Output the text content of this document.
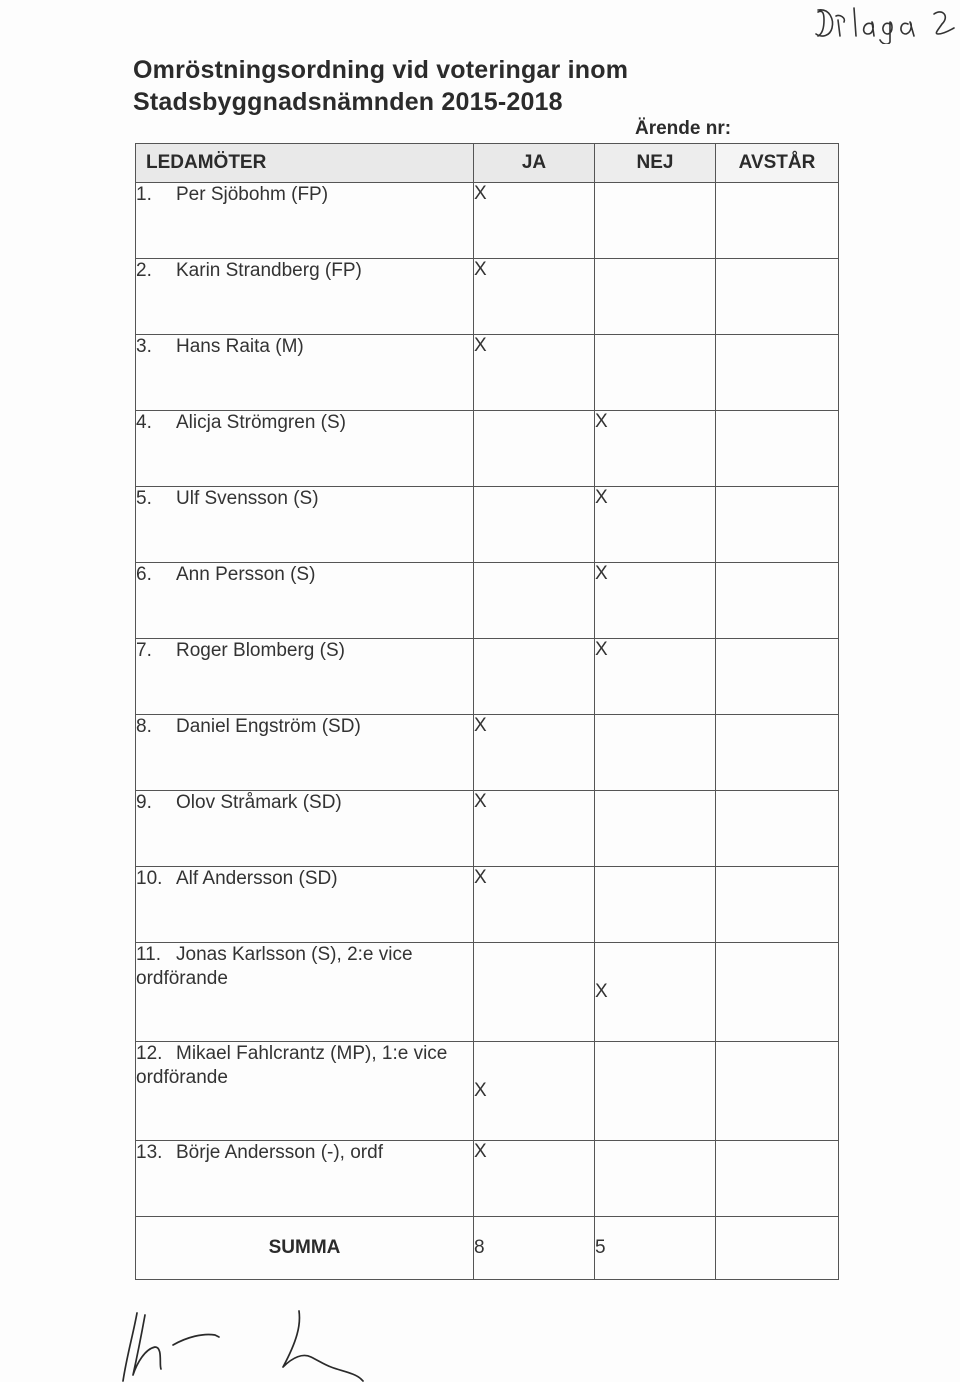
Omröstningsordning vid voteringar inom
Stadsbyggnadsnämnden 2015-2018
Ärende nr:
LEDAMÖTER	JA	NEJ	AVSTÅR
1. Per Sjöbohm (FP)	X		
2. Karin Strandberg (FP)	X		
3. Hans Raita (M)	X		
4. Alicja Strömgren (S)		X	
5. Ulf Svensson (S)		X	
6. Ann Persson (S)		X	
7. Roger Blomberg (S)		X	
8. Daniel Engström (SD)	X		
9. Olov Stråmark (SD)	X		
10. Alf Andersson (SD)	X		
11. Jonas Karlsson (S), 2:e vice ordförande		X	
12. Mikael Fahlcrantz (MP), 1:e vice ordförande	X		
13. Börje Andersson (-), ordf	X		
SUMMA	8	5	
